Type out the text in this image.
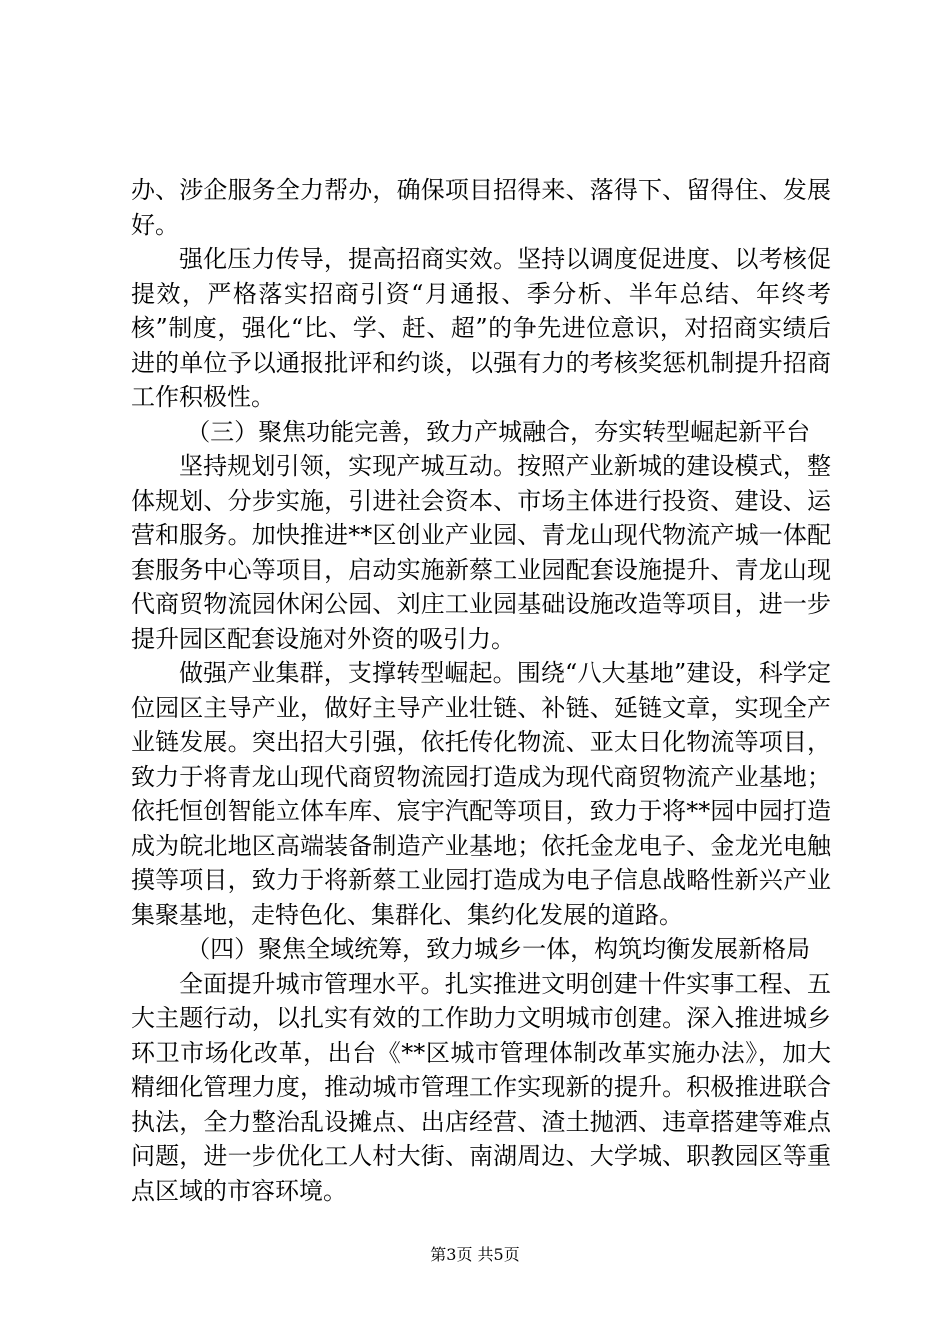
办、涉企服务全力帮办，确保项目招得来、落得下、留得住、发展好。

强化压力传导，提高招商实效。坚持以调度促进度、以考核促提效，严格落实招商引资“月通报、季分析、半年总结、年终考核”制度，强化“比、学、赶、超”的争先进位意识，对招商实绩后进的单位予以通报批评和约谈，以强有力的考核奖惩机制提升招商工作积极性。

（三）聚焦功能完善，致力产城融合，夯实转型崛起新平台

坚持规划引领，实现产城互动。按照产业新城的建设模式，整体规划、分步实施，引进社会资本、市场主体进行投资、建设、运营和服务。加快推进**区创业产业园、青龙山现代物流产城一体配套服务中心等项目，启动实施新蔡工业园配套设施提升、青龙山现代商贸物流园休闲公园、刘庄工业园基础设施改造等项目，进一步提升园区配套设施对外资的吸引力。

做强产业集群，支撑转型崛起。围绕“八大基地”建设，科学定位园区主导产业，做好主导产业壮链、补链、延链文章，实现全产业链发展。突出招大引强，依托传化物流、亚太日化物流等项目，致力于将青龙山现代商贸物流园打造成为现代商贸物流产业基地；依托恒创智能立体车库、宸宇汽配等项目，致力于将**园中园打造成为皖北地区高端装备制造产业基地；依托金龙电子、金龙光电触摸等项目，致力于将新蔡工业园打造成为电子信息战略性新兴产业集聚基地，走特色化、集群化、集约化发展的道路。

（四）聚焦全域统筹，致力城乡一体，构筑均衡发展新格局

全面提升城市管理水平。扎实推进文明创建十件实事工程、五大主题行动，以扎实有效的工作助力文明城市创建。深入推进城乡环卫市场化改革，出台《**区城市管理体制改革实施办法》，加大精细化管理力度，推动城市管理工作实现新的提升。积极推进联合执法，全力整治乱设摊点、出店经营、渣土抛洒、违章搭建等难点问题，进一步优化工人村大街、南湖周边、大学城、职教园区等重点区域的市容环境。

第3页 共5页
